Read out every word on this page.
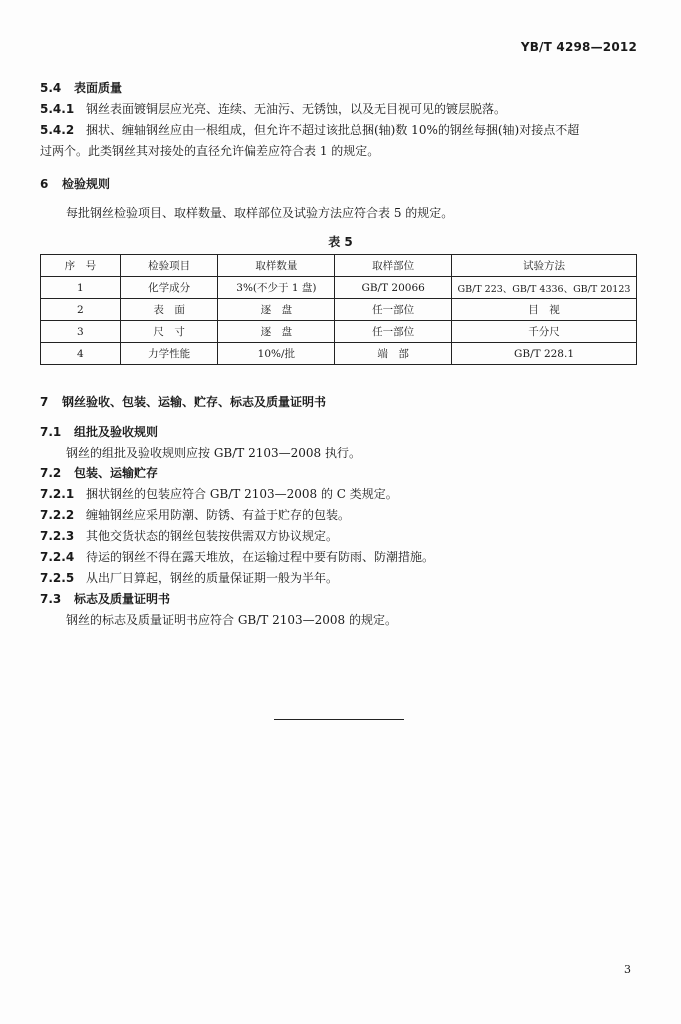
YB/T 4298—2012
5.4 表面质量
5.4.1 钢丝表面镀铜层应光亮、连续、无油污、无锈蚀，以及无目视可见的镀层脱落。
5.4.2 捆状、缠轴钢丝应由一根组成，但允许不超过该批总捆(轴)数 10%的钢丝每捆(轴)对接点不超
过两个。此类钢丝其对接处的直径允许偏差应符合表 1 的规定。
6 检验规则
每批钢丝检验项目、取样数量、取样部位及试验方法应符合表 5 的规定。
表 5
序　号	检验项目	取样数量	取样部位	试验方法
1	化学成分	3%(不少于 1 盘)	GB/T 20066	GB/T 223、GB/T 4336、GB/T 20123
2	表　面	逐　盘	任一部位	目　视
3	尺　寸	逐　盘	任一部位	千分尺
4	力学性能	10%/批	端　部	GB/T 228.1
7 钢丝验收、包装、运输、贮存、标志及质量证明书
7.1 组批及验收规则
钢丝的组批及验收规则应按 GB/T 2103—2008 执行。
7.2 包装、运输贮存
7.2.1 捆状钢丝的包装应符合 GB/T 2103—2008 的 C 类规定。
7.2.2 缠轴钢丝应采用防潮、防锈、有益于贮存的包装。
7.2.3 其他交货状态的钢丝包装按供需双方协议规定。
7.2.4 待运的钢丝不得在露天堆放，在运输过程中要有防雨、防潮措施。
7.2.5 从出厂日算起，钢丝的质量保证期一般为半年。
7.3 标志及质量证明书
钢丝的标志及质量证明书应符合 GB/T 2103—2008 的规定。
3
